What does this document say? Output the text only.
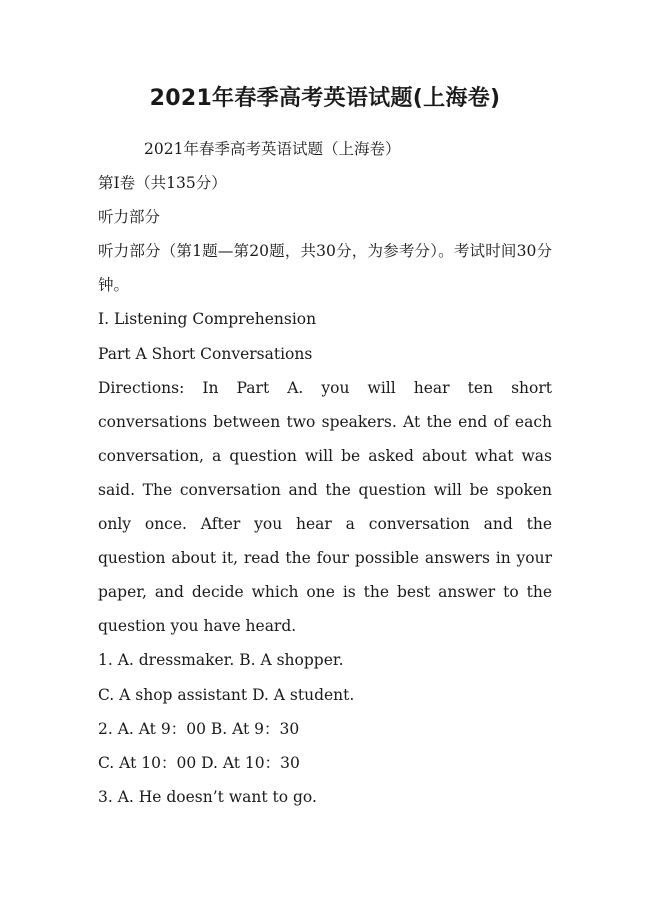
2021年春季高考英语试题(上海卷)

2021年春季高考英语试题（上海卷）

第Ⅰ卷（共135分）

听力部分

听力部分（第1题—第20题，共30分，为参考分）。考试时间30分钟。

Ⅰ. Listening Comprehension

Part A Short Conversations

Directions: In Part A. you will hear ten short conversations between two speakers. At the end of each conversation, a question will be asked about what was said. The conversation and the question will be spoken only once. After you hear a conversation and the question about it, read the four possible answers in your paper, and decide which one is the best answer to the question you have heard.

1. A. dressmaker. B. A shopper.

C. A shop assistant D. A student.

2. A. At 9：00 B. At 9：30

C. At 10：00 D. At 10：30

3. A. He doesn’t want to go.
